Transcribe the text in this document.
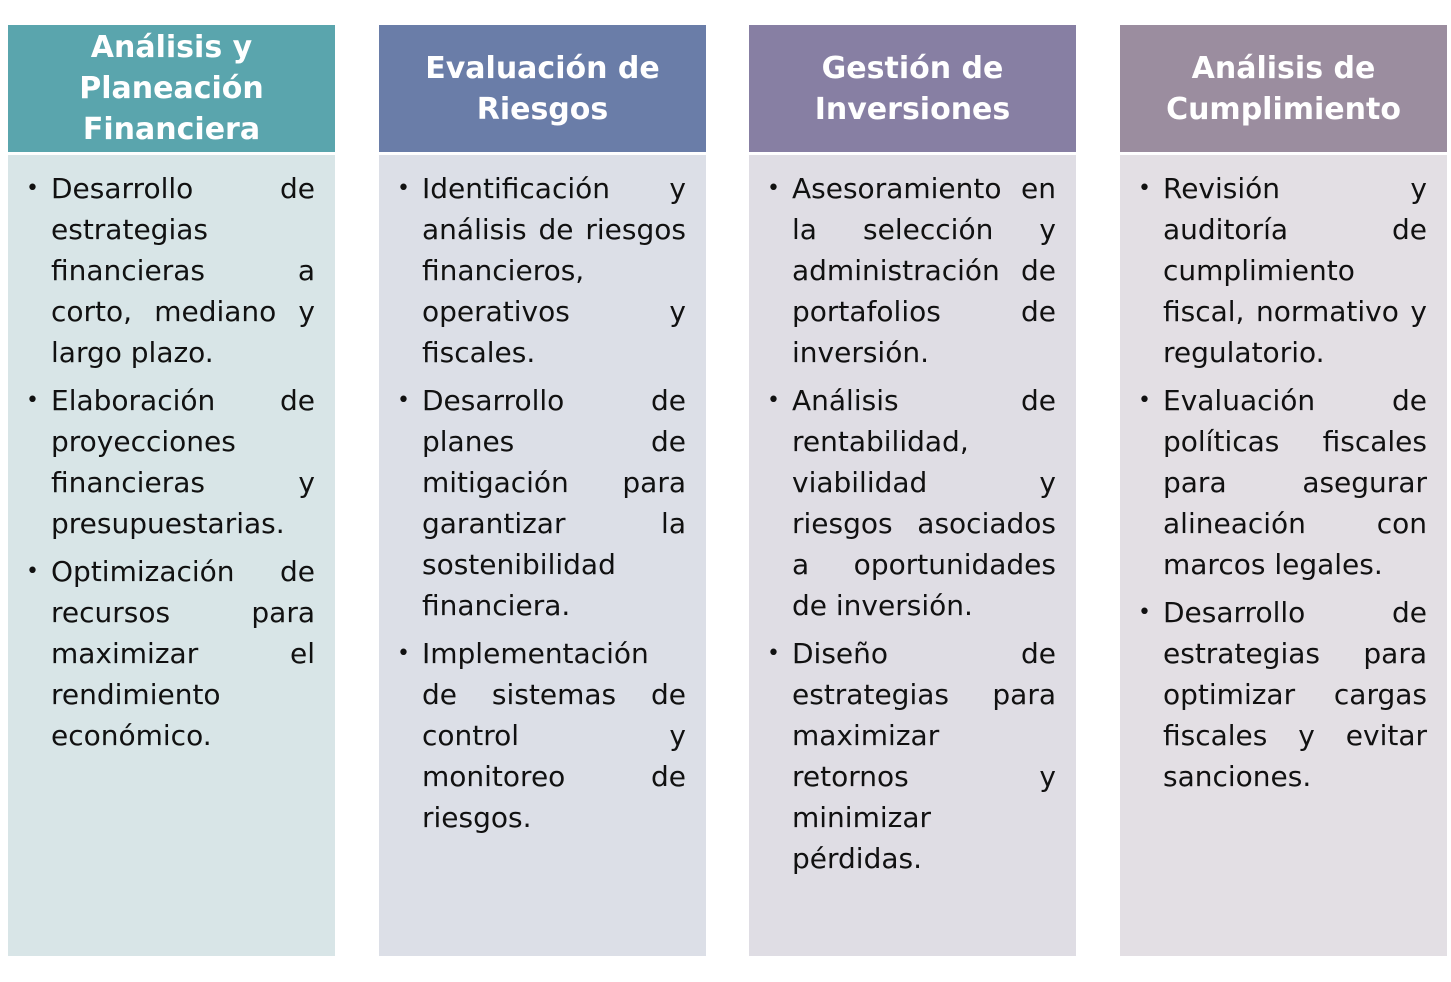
Análisis y
Planeación
Financiera
• Desarrollo de estrategias financieras a corto, mediano y largo plazo.
• Elaboración de proyecciones financieras y presupuestarias.
• Optimización de recursos para maximizar el rendimiento económico.
Evaluación de
Riesgos
• Identificación y análisis de riesgos financieros, operativos y fiscales.
• Desarrollo de planes de mitigación para garantizar la sostenibilidad financiera.
• Implementación de sistemas de control y monitoreo de riesgos.
Gestión de
Inversiones
• Asesoramiento en la selección y administración de portafolios de inversión.
• Análisis de rentabilidad, viabilidad y riesgos asociados a oportunidades de inversión.
• Diseño de estrategias para maximizar retornos y minimizar pérdidas.
Análisis de
Cumplimiento
• Revisión y auditoría de cumplimiento fiscal, normativo y regulatorio.
• Evaluación de políticas fiscales para asegurar alineación con marcos legales.
• Desarrollo de estrategias para optimizar cargas fiscales y evitar sanciones.
